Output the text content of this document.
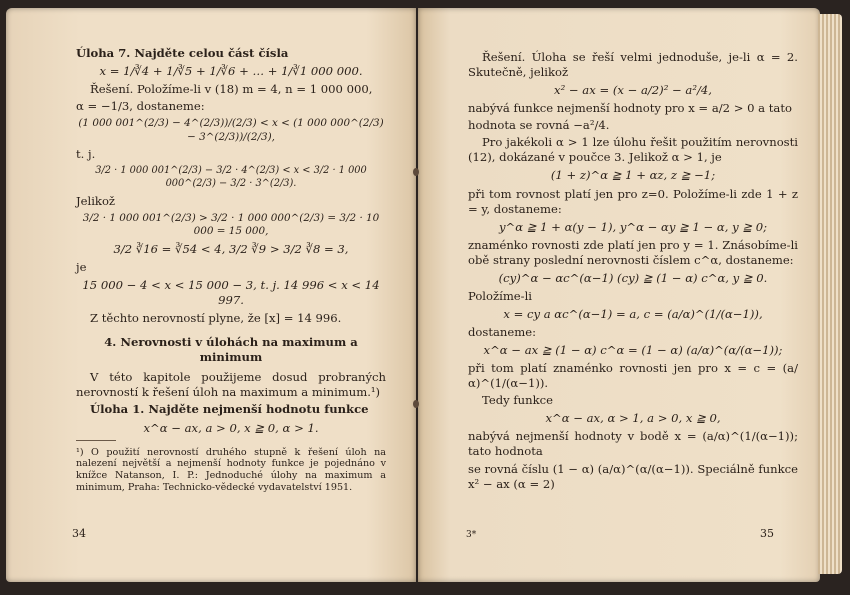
Úloha 7. Najděte celou část čísla

x = 1/∛4 + 1/∛5 + 1/∛6 + … + 1/∛1 000 000.

Řešení. Položíme-li v (18) m = 4, n = 1 000 000,

α = −1/3, dostaneme:

(1 000 001^(2/3) − 4^(2/3))/(2/3) < x < (1 000 000^(2/3) − 3^(2/3))/(2/3),

t. j.

3/2 · 1 000 001^(2/3) − 3/2 · 4^(2/3) < x < 3/2 · 1 000 000^(2/3) − 3/2 · 3^(2/3).

Jelikož

3/2 · 1 000 001^(2/3) > 3/2 · 1 000 000^(2/3) = 3/2 · 10 000 = 15 000,

3/2 ∛16 = ∛54 < 4, 3/2 ∛9 > 3/2 ∛8 = 3,

je

15 000 − 4 < x < 15 000 − 3, t. j. 14 996 < x < 14 997.

Z těchto nerovností plyne, že [x] = 14 996.

4. Nerovnosti v úlohách na maximum a minimum

V této kapitole použijeme dosud probraných nerovností k řešení úloh na maximum a minimum.¹)

Úloha 1. Najděte nejmenší hodnotu funkce

x^α − ax, a > 0, x ≧ 0, α > 1.

¹) O použití nerovností druhého stupně k řešení úloh na nalezení největší a nejmenší hodnoty funkce je pojednáno v knížce Natanson, I. P.: Jednoduché úlohy na maximum a minimum, Praha: Technicko-vědecké vydavatelství 1951.

34

Řešení. Úloha se řeší velmi jednoduše, je-li α = 2. Skutečně, jelikož

x² − ax = (x − a/2)² − a²/4,

nabývá funkce nejmenší hodnoty pro x = a/2 > 0 a tato

hodnota se rovná −a²/4.

Pro jakékoli α > 1 lze úlohu řešit použitím nerovnosti (12), dokázané v poučce 3. Jelikož α > 1, je

(1 + z)^α ≧ 1 + αz, z ≧ −1;

při tom rovnost platí jen pro z=0. Položíme-li zde 1 + z = y, dostaneme:

y^α ≧ 1 + α(y − 1), y^α − αy ≧ 1 − α, y ≧ 0;

znaménko rovnosti zde platí jen pro y = 1. Znásobíme-li obě strany poslední nerovnosti číslem c^α, dostaneme:

(cy)^α − αc^(α−1) (cy) ≧ (1 − α) c^α, y ≧ 0.

Položíme-li

x = cy a αc^(α−1) = a, c = (a/α)^(1/(α−1)),

dostaneme:

x^α − ax ≧ (1 − α) c^α = (1 − α) (a/α)^(α/(α−1));

při tom platí znaménko rovnosti jen pro x = c = (a/α)^(1/(α−1)).

Tedy funkce

x^α − ax, α > 1, a > 0, x ≧ 0,

nabývá nejmenší hodnoty v bodě x = (a/α)^(1/(α−1)); tato hodnota

se rovná číslu (1 − α) (a/α)^(α/(α−1)). Speciálně funkce x² − ax (α = 2)

3*	35
